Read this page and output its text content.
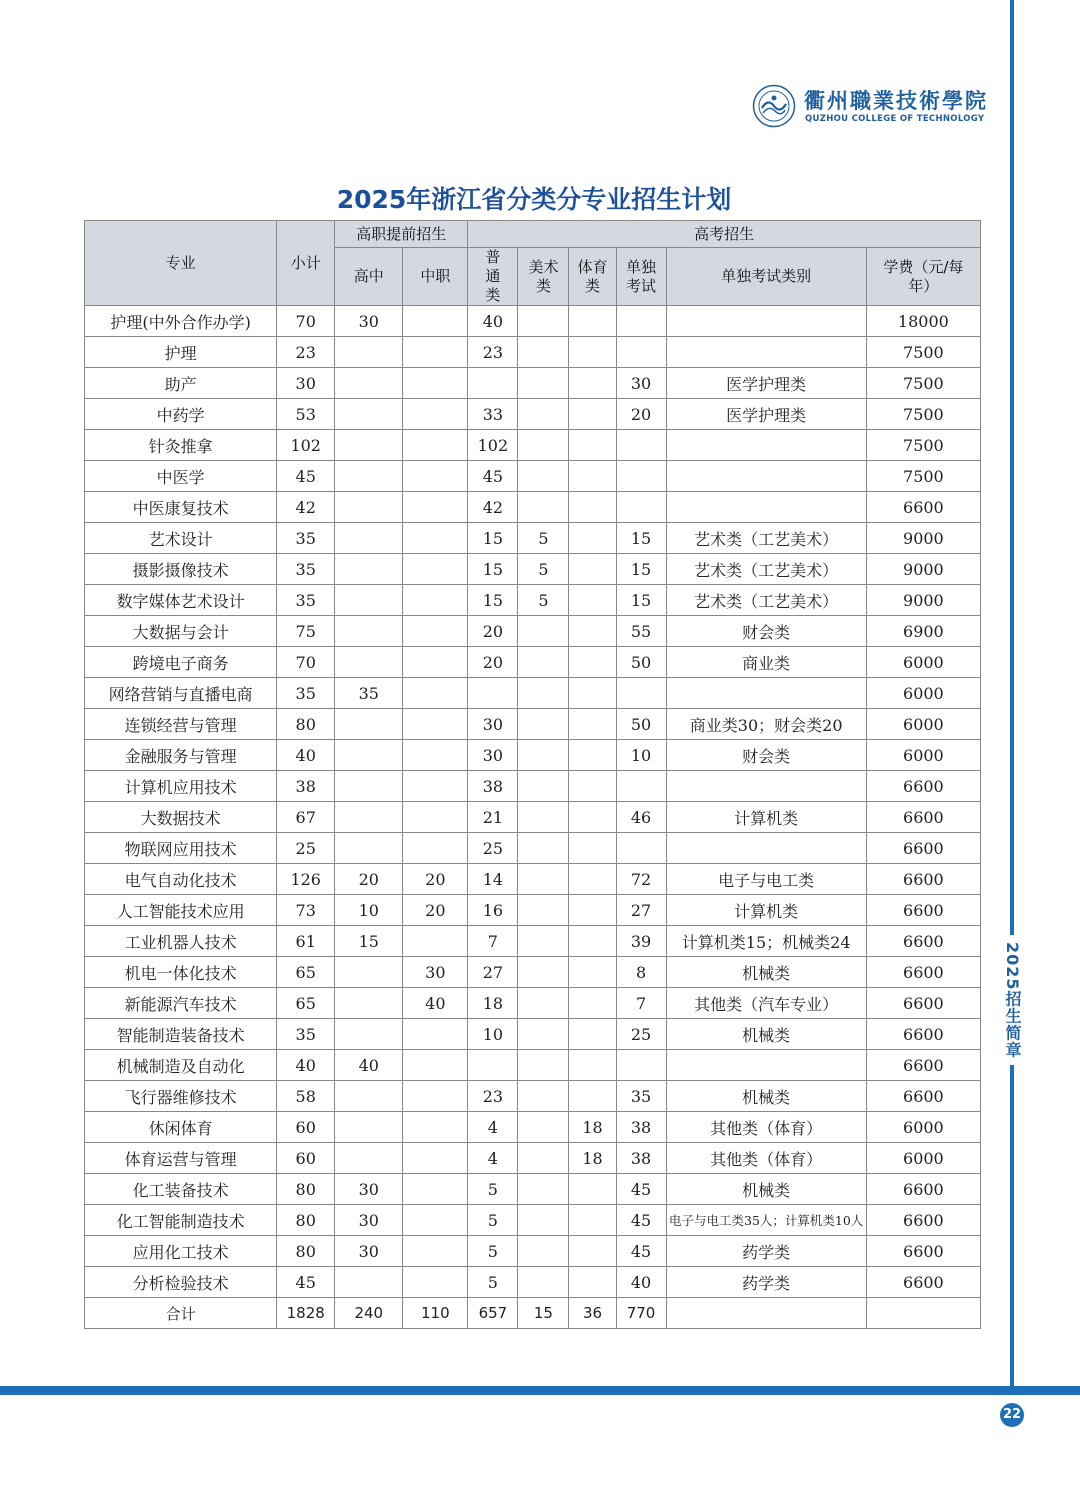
2025招生简章
22
衢州職業技術學院
QUZHOU COLLEGE OF TECHNOLOGY
2025年浙江省分类分专业招生计划
专业	小计	高职提前招生		高考招生					
		高中	中职	普通类	美术类	体育类	单独考试	单独考试类别	学费（元/每年）
护理(中外合作办学)	70	30		40					18000
护理	23			23					7500
助产	30						30	医学护理类	7500
中药学	53			33			20	医学护理类	7500
针灸推拿	102			102					7500
中医学	45			45					7500
中医康复技术	42			42					6600
艺术设计	35			15	5		15	艺术类（工艺美术）	9000
摄影摄像技术	35			15	5		15	艺术类（工艺美术）	9000
数字媒体艺术设计	35			15	5		15	艺术类（工艺美术）	9000
大数据与会计	75			20			55	财会类	6900
跨境电子商务	70			20			50	商业类	6000
网络营销与直播电商	35	35							6000
连锁经营与管理	80			30			50	商业类30；财会类20	6000
金融服务与管理	40			30			10	财会类	6000
计算机应用技术	38			38					6600
大数据技术	67			21			46	计算机类	6600
物联网应用技术	25			25					6600
电气自动化技术	126	20	20	14			72	电子与电工类	6600
人工智能技术应用	73	10	20	16			27	计算机类	6600
工业机器人技术	61	15		7			39	计算机类15；机械类24	6600
机电一体化技术	65		30	27			8	机械类	6600
新能源汽车技术	65		40	18			7	其他类（汽车专业）	6600
智能制造装备技术	35			10			25	机械类	6600
机械制造及自动化	40	40							6600
飞行器维修技术	58			23			35	机械类	6600
休闲体育	60			4		18	38	其他类（体育）	6000
体育运营与管理	60			4		18	38	其他类（体育）	6000
化工装备技术	80	30		5			45	机械类	6600
化工智能制造技术	80	30		5			45	电子与电工类35人；计算机类10人	6600
应用化工技术	80	30		5			45	药学类	6600
分析检验技术	45			5			40	药学类	6600
合计	1828	240	110	657	15	36	770		
